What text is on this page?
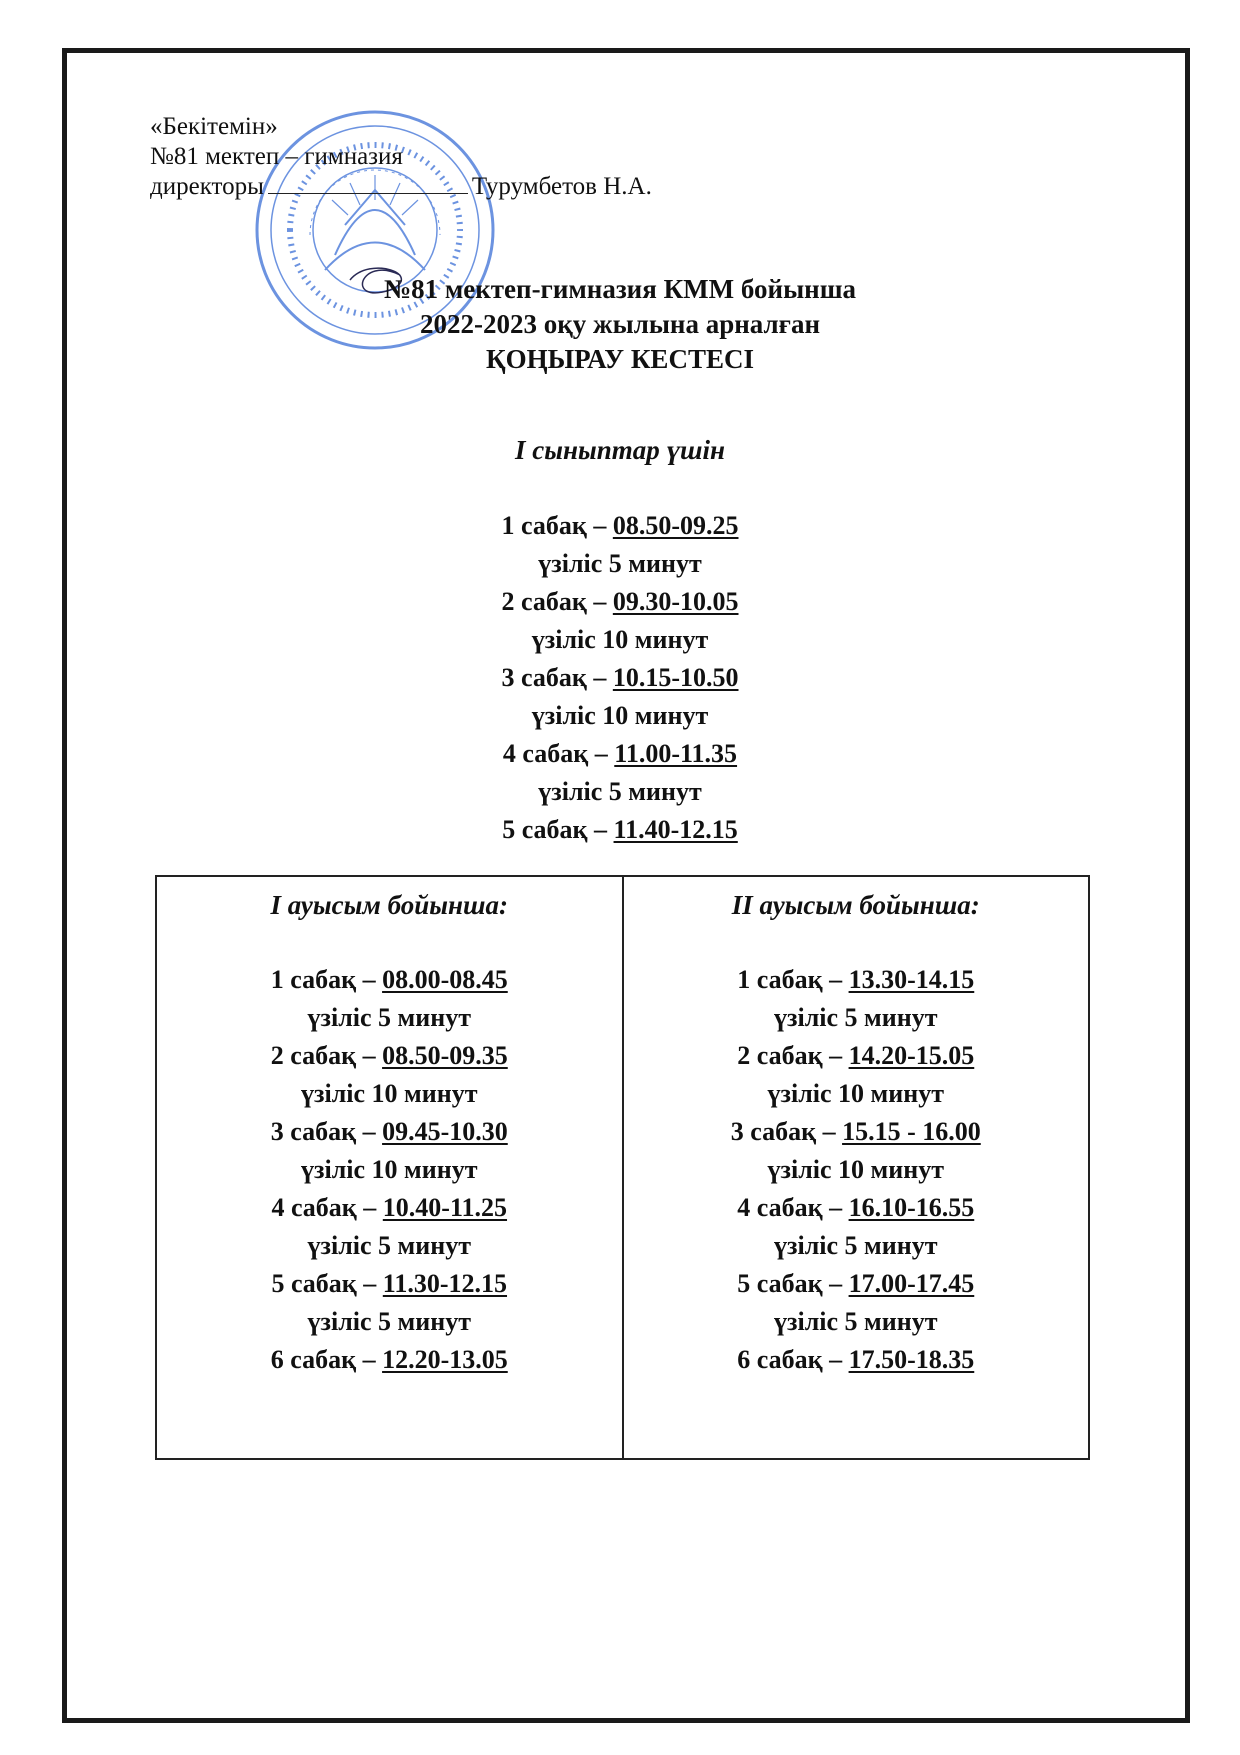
«Бекітемін»
№81 мектеп – гимназия
директоры	Турумбетов Н.А.
№81 мектеп-гимназия КММ бойынша
2022-2023 оқу жылына арналған
ҚОҢЫРАУ КЕСТЕСІ
І сыныптар үшін
1 сабақ – 08.50-09.25
үзіліс 5 минут
2 сабақ – 09.30-10.05
үзіліс 10 минут
3 сабақ – 10.15-10.50
үзіліс 10 минут
4 сабақ – 11.00-11.35
үзіліс 5 минут
5 сабақ – 11.40-12.15
І ауысым бойынша:
1 сабақ – 08.00-08.45
үзіліс 5 минут
2 сабақ – 08.50-09.35
үзіліс 10 минут
3 сабақ – 09.45-10.30
үзіліс 10 минут
4 сабақ – 10.40-11.25
үзіліс 5 минут
5 сабақ – 11.30-12.15
үзіліс 5 минут
6 сабақ – 12.20-13.05
ІІ ауысым бойынша:
1 сабақ – 13.30-14.15
үзіліс 5 минут
2 сабақ – 14.20-15.05
үзіліс 10 минут
3 сабақ – 15.15 - 16.00
үзіліс 10 минут
4 сабақ – 16.10-16.55
үзіліс 5 минут
5 сабақ – 17.00-17.45
үзіліс 5 минут
6 сабақ – 17.50-18.35
